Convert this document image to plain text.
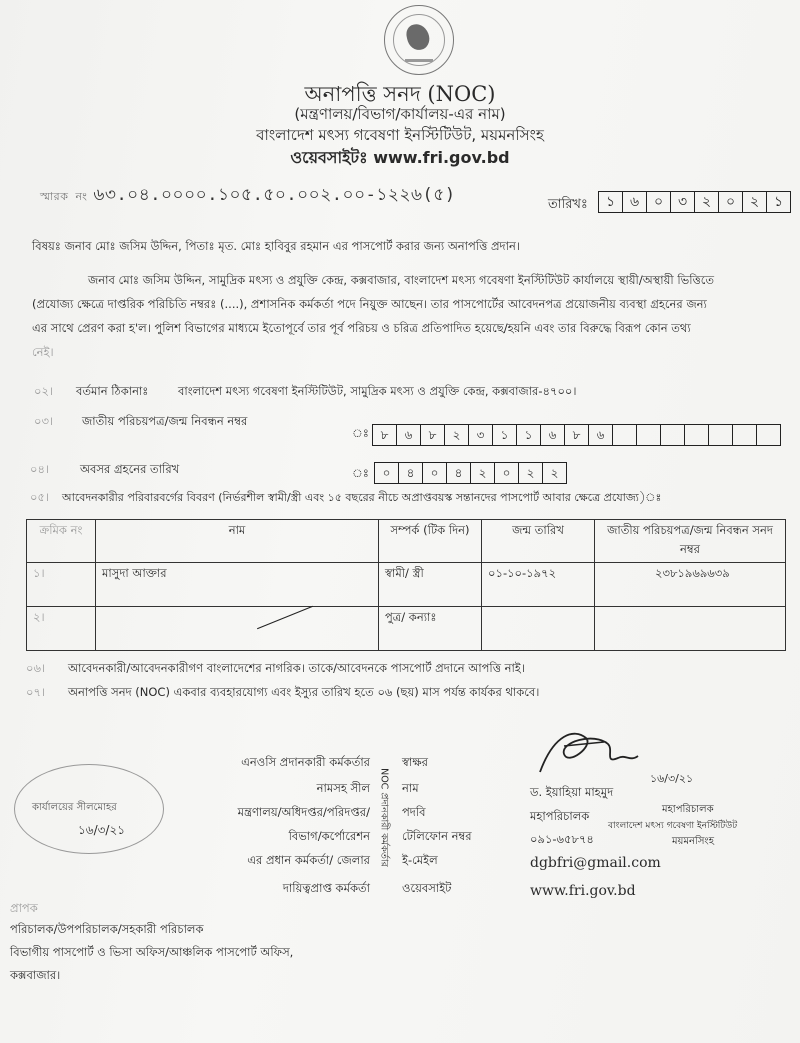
অনাপত্তি সনদ (NOC)
(মন্ত্রণালয়/বিভাগ/কার্যালয়-এর নাম)
বাংলাদেশ মৎস্য গবেষণা ইনস্টিটিউট, ময়মনসিংহ
ওয়েবসাইটঃ www.fri.gov.bd
স্মারক নং ৬৩.০৪.০০০০.১০৫.৫০.০০২.০০-১২২৬(৫)	তারিখঃ	১	৬	০	৩	২	০	২	১
বিষয়ঃ জনাব মোঃ জসিম উদ্দিন, পিতাঃ মৃত. মোঃ হাবিবুর রহমান এর পাসপোর্ট করার জন্য অনাপত্তি প্রদান।
জনাব মোঃ জসিম উদ্দিন, সামুদ্রিক মৎস্য ও প্রযুক্তি কেন্দ্র, কক্সবাজার, বাংলাদেশ মৎস্য গবেষণা ইনস্টিটিউট কার্যালয়ে স্থায়ী/অস্থায়ী ভিত্তিতে
(প্রযোজ্য ক্ষেত্রে দাপ্তরিক পরিচিতি নম্বরঃ (....), প্রশাসনিক কর্মকর্তা পদে নিয়ুক্ত আছেন। তার পাসপোর্টের আবেদনপত্র প্রয়োজনীয় ব্যবস্থা গ্রহনের জন্য
এর সাথে প্রেরণ করা হ'ল। পুলিশ বিভাগের মাধ্যমে ইতোপূর্বে তার পূর্ব পরিচয় ও চরিত্র প্রতিপাদিত হয়েছে/হয়নি এবং তার বিরুদ্ধে বিরূপ কোন তথ্য
নেই।
০২। বর্তমান ঠিকানাঃ	বাংলাদেশ মৎস্য গবেষণা ইনস্টিটিউট, সামুদ্রিক মৎস্য ও প্রযুক্তি কেন্দ্র, কক্সবাজার-৪৭০০।
০৩।	জাতীয় পরিচয়পত্র/জন্ম নিবন্ধন নম্বর
ঃ ৮	৬	৮	২	৩	১	১	৬	৮	৬
০৪।	অবসর গ্রহনের তারিখ	ঃ	০	৪	০	৪	২	০	২	২
০৫। আবেদনকারীর পরিবারবর্গের বিবরণ (নির্ভরশীল স্বামী/স্ত্রী এবং ১৫ বছরের নীচে অপ্রাপ্তবয়স্ক সন্তানদের পাসপোর্ট আবার ক্ষেত্রে প্রযোজ্য)ঃ
ক্রমিক নং	নাম	সম্পর্ক (টিক দিন)	জন্ম তারিখ	জাতীয় পরিচয়পত্র/জন্ম নিবন্ধন সনদ নম্বর
১।	মাসুদা আক্তার	স্বামী/ স্ত্রী	০১-১০-১৯৭২	২৩৮১৯৬৯৬৩৯
২।		পুত্র/ কন্যাঃ		
০৬। আবেদনকারী/আবেদনকারীগণ বাংলাদেশের নাগরিক। তাকে/আবেদনকে পাসপোর্ট প্রদানে আপত্তি নাই।
০৭। অনাপত্তি সনদ (NOC) একবার ব্যবহারযোগ্য এবং ইস্যুর তারিখ হতে ০৬ (ছয়) মাস পর্যন্ত কার্যকর থাকবে।
এনওসি প্রদানকারী কর্মকর্তার
নামসহ সীল
মন্ত্রণালয়/অধিদপ্তর/পরিদপ্তর/
বিভাগ/কর্পোরেশন
এর প্রধান কর্মকর্তা/ জেলার
দায়িত্বপ্রাপ্ত কর্মকর্তা
NOC প্রদানকারী কর্মকর্তার
স্বাক্ষর
নাম
পদবি
টেলিফোন নম্বর
ই-মেইল
ওয়েবসাইট
১৬/৩/২১
ড. ইয়াহিয়া মাহমুদ
মহাপরিচালক
০৯১-৬৫৮৭৪
dgbfri@gmail.com
www.fri.gov.bd
মহাপরিচালক
বাংলাদেশ মৎস্য গবেষণা ইনস্টিটিউট
ময়মনসিংহ
কার্যালয়ের সীলমোহর
১৬/৩/২১
প্রাপক
পরিচালক/উপপরিচালক/সহকারী পরিচালক
বিভাগীয় পাসপোর্ট ও ভিসা অফিস/আঞ্চলিক পাসপোর্ট অফিস,
কক্সবাজার।
